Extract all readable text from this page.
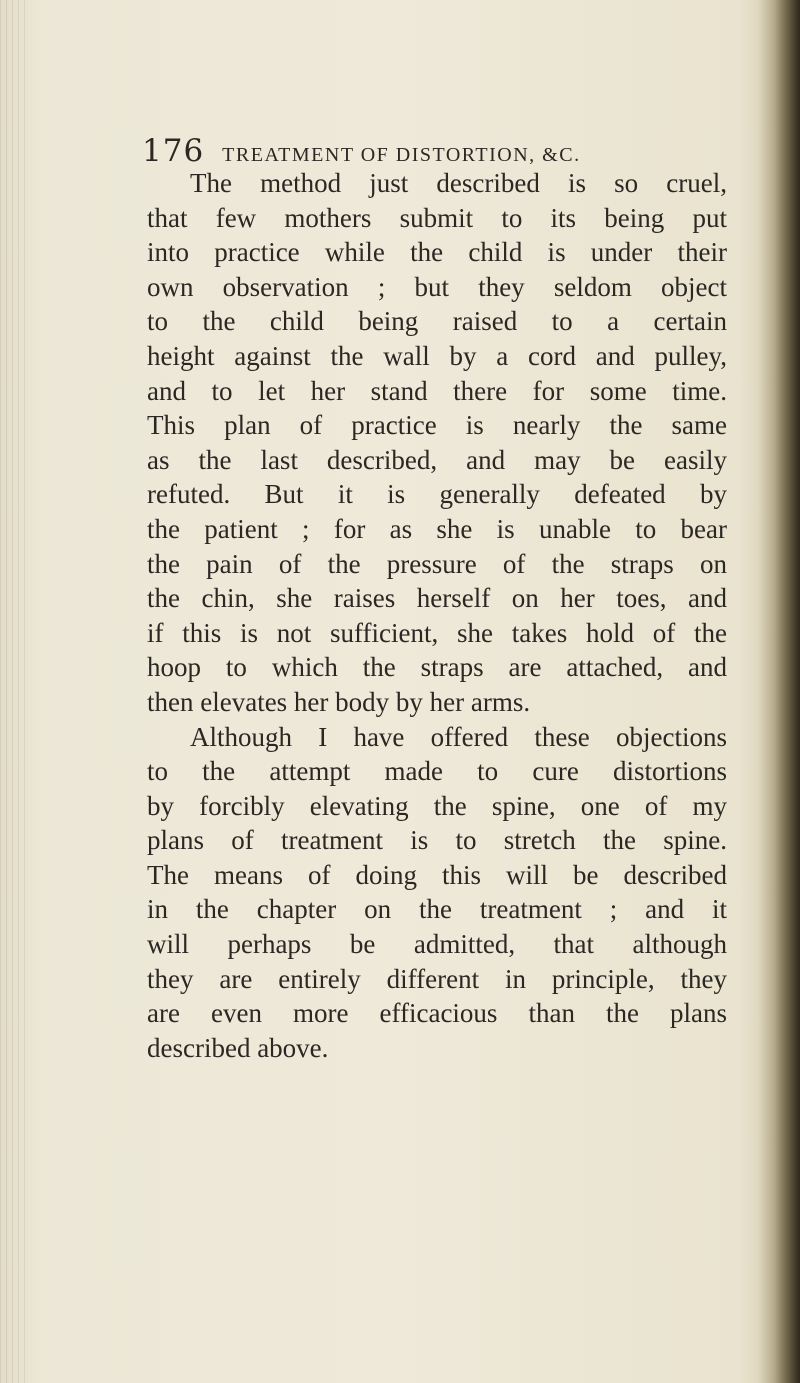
176 TREATMENT OF DISTORTION, &C.

The method just described is so cruel,
that few mothers submit to its being put
into practice while the child is under their
own observation ; but they seldom object
to the child being raised to a certain
height against the wall by a cord and pulley,
and to let her stand there for some time.
This plan of practice is nearly the same
as the last described, and may be easily
refuted. But it is generally defeated by
the patient ; for as she is unable to bear
the pain of the pressure of the straps on
the chin, she raises herself on her toes, and
if this is not sufficient, she takes hold of the
hoop to which the straps are attached, and
then elevates her body by her arms.

Although I have offered these objections
to the attempt made to cure distortions
by forcibly elevating the spine, one of my
plans of treatment is to stretch the spine.
The means of doing this will be described
in the chapter on the treatment ; and it
will perhaps be admitted, that although
they are entirely different in principle, they
are even more efficacious than the plans
described above.
